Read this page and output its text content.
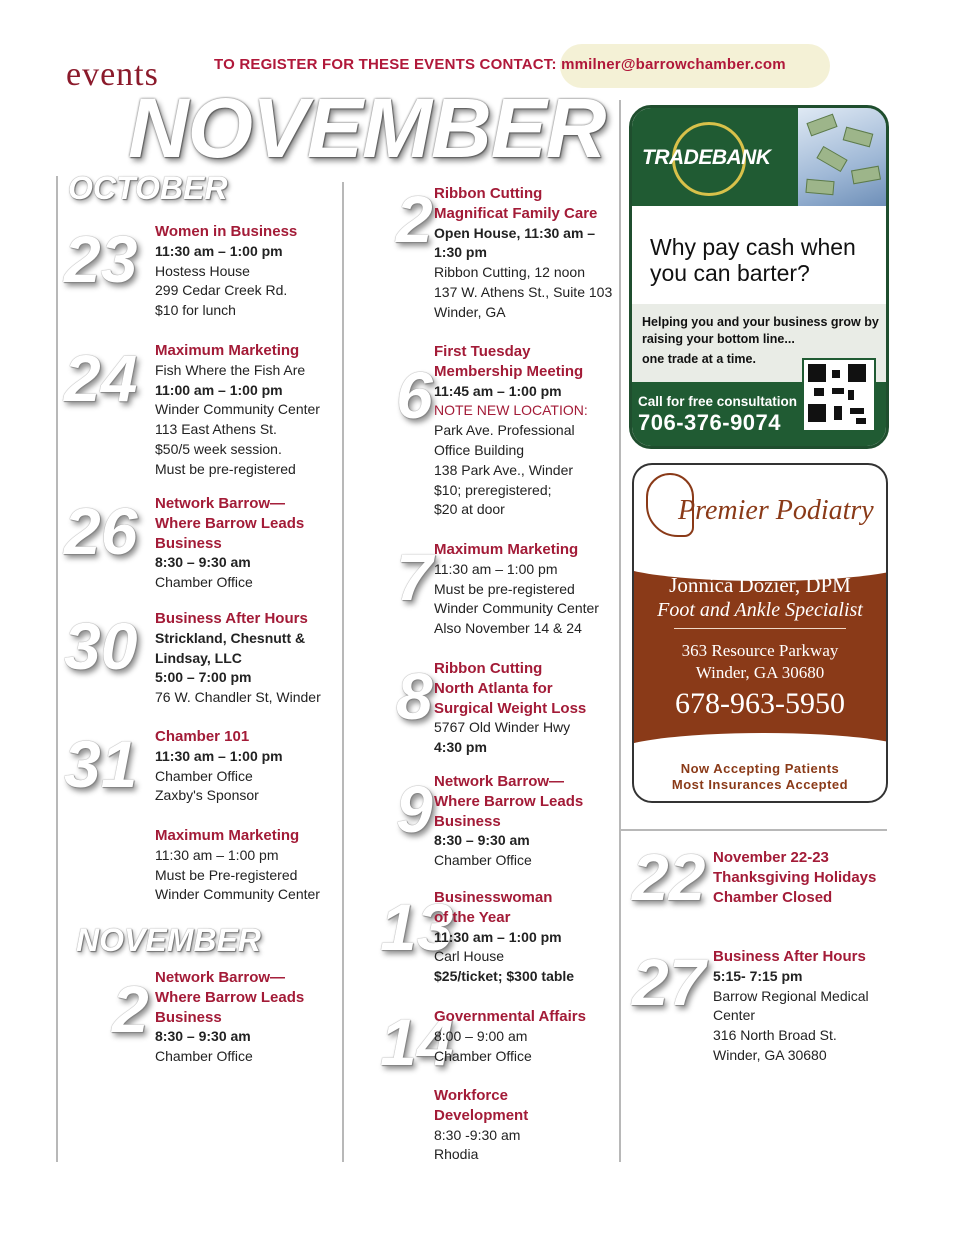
events	TO REGISTER FOR THESE EVENTS CONTACT: mmilner@barrowchamber.com
NOVEMBER
OCTOBER
NOVEMBER
23 Women in Business
11:30 am – 1:00 pm
Hostess House
299 Cedar Creek Rd.
$10 for lunch
24 Maximum Marketing
Fish Where the Fish Are
11:00 am – 1:00 pm
Winder Community Center
113 East Athens St.
$50/5 week session.
Must be pre-registered
26 Network Barrow—
Where Barrow Leads
Business
8:30 – 9:30 am
Chamber Office
30 Business After Hours
Strickland, Chesnutt &
Lindsay, LLC
5:00 – 7:00 pm
76 W. Chandler St, Winder
31 Chamber 101
11:30 am – 1:00 pm
Chamber Office
Zaxby's Sponsor
Maximum Marketing
11:30 am – 1:00 pm
Must be Pre-registered
Winder Community Center
2 Network Barrow—
Where Barrow Leads
Business
8:30 – 9:30 am
Chamber Office
2 Ribbon Cutting
Magnificat Family Care
Open House, 11:30 am –
1:30 pm
Ribbon Cutting, 12 noon
137 W. Athens St., Suite 103
Winder, GA
6
First Tuesday
Membership Meeting
11:45 am – 1:00 pm
NOTE NEW LOCATION:
Park Ave. Professional
Office Building
138 Park Ave., Winder
$10; preregistered;
$20 at door
7 Maximum Marketing
11:30 am – 1:00 pm
Must be pre-registered
Winder Community Center
Also November 14 & 24
8 Ribbon Cutting
North Atlanta for
Surgical Weight Loss
5767 Old Winder Hwy
4:30 pm
9 Network Barrow—
Where Barrow Leads
Business
8:30 – 9:30 am
Chamber Office
13
Businesswoman
of the Year
11:30 am – 1:00 pm
Carl House
$25/ticket; $300 table
14
Governmental Affairs
8:00 – 9:00 am
Chamber Office
Workforce
Development
8:30 -9:30 am
Rhodia
22 November 22-23
Thanksgiving Holidays
Chamber Closed
27 Business After Hours
5:15- 7:15 pm
Barrow Regional Medical
Center
316 North Broad St.
Winder, GA 30680
TRADEBANK
Why pay cash when you can barter?
Helping you and your business grow by raising your bottom line...
one trade at a time.
Call for free consultation
706-376-9074
Premier Podiatry
Jonnica Dozier, DPM
Foot and Ankle Specialist
363 Resource Parkway
Winder, GA 30680
678-963-5950
Now Accepting Patients
Most Insurances Accepted
